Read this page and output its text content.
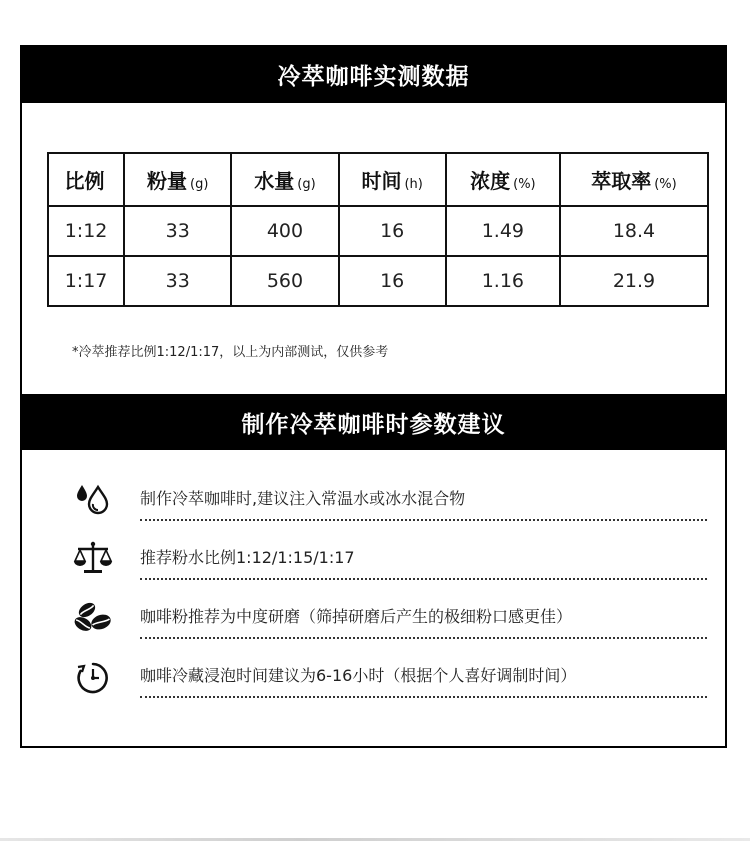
冷萃咖啡实测数据
比例	粉量 (g)	水量 (g)	时间 (h)	浓度 (%)	萃取率 (%)
1:12	33	400	16	1.49	18.4
1:17	33	560	16	1.16	21.9
*冷萃推荐比例1:12/1:17，以上为内部测试，仅供参考
制作冷萃咖啡时参数建议
制作冷萃咖啡时,建议注入常温水或冰水混合物
推荐粉水比例1:12/1:15/1:17
咖啡粉推荐为中度研磨（筛掉研磨后产生的极细粉口感更佳）
咖啡冷藏浸泡时间建议为6-16小时（根据个人喜好调制时间）
